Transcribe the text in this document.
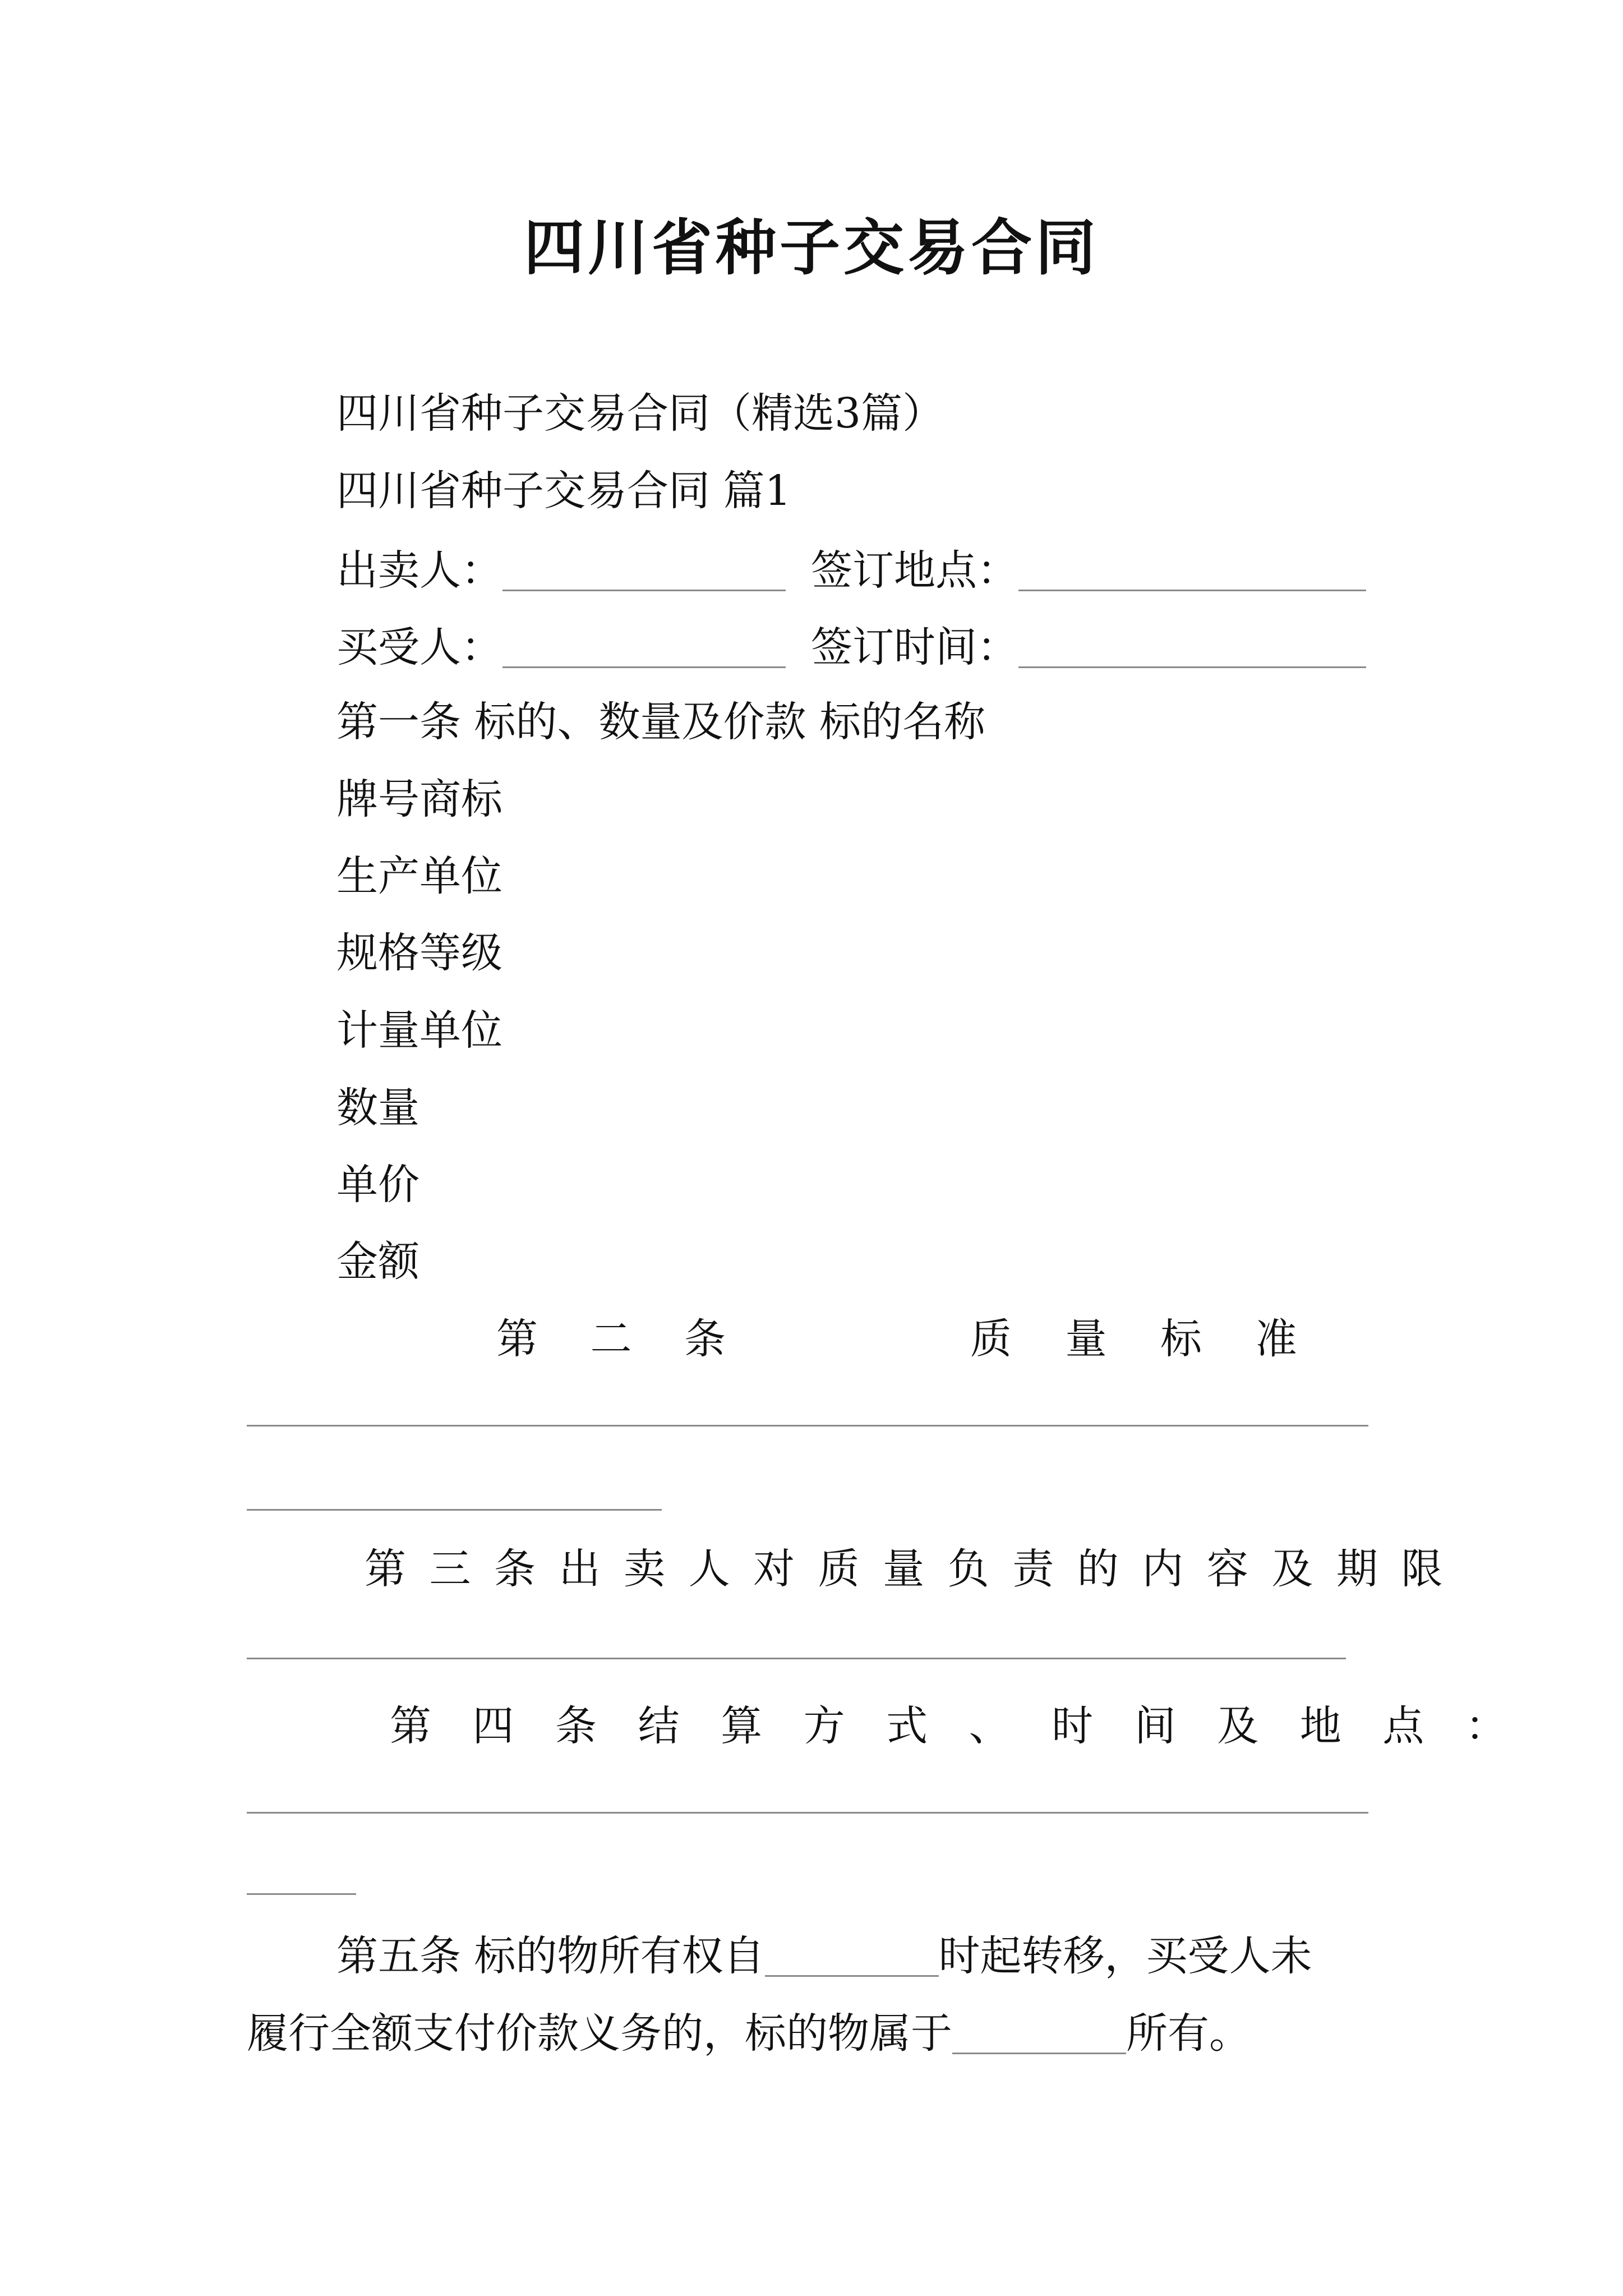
四川省种子交易合同
四川省种子交易合同（精选3篇）
四川省种子交易合同 篇1
出卖人：	签订地点：
买受人：	签订时间：
第一条 标的、数量及价款 标的名称
牌号商标
生产单位
规格等级
计量单位
数量
单价
金额
第 二 条	质 量 标 准
第 三 条 出 卖 人 对 质 量 负 责 的 内 容 及 期 限
第 四 条 结 算 方 式 、 时 间 及 地 点 ：
第五条 标的物所有权自	时起转移，买受人未
履行全额支付价款义务的，标的物属于	所有。
